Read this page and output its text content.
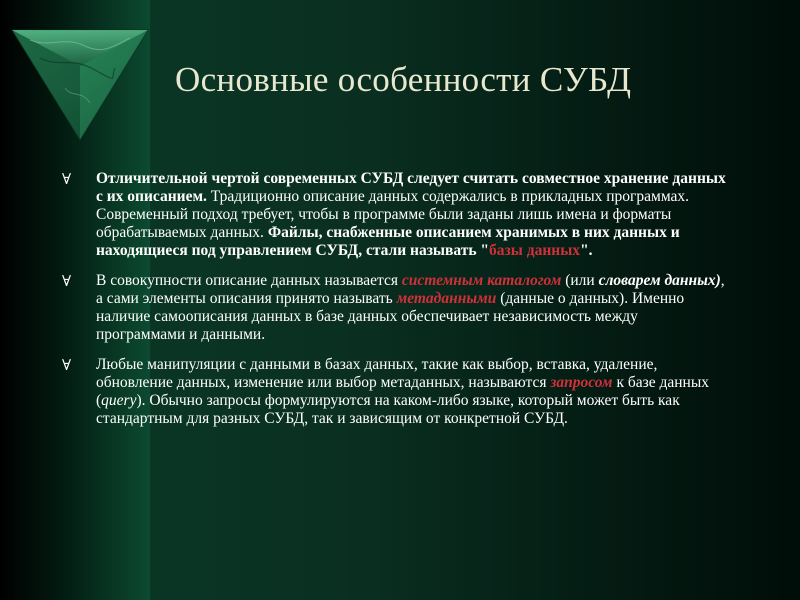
Основные особенности СУБД
∀ Отличительной чертой современных СУБД следует считать совместное хранение данных с их описанием. Традиционно описание данных содержались в прикладных программах. Современный подход требует, чтобы в программе были заданы лишь имена и форматы обрабатываемых данных. Файлы, снабженные описанием хранимых в них данных и находящиеся под управлением СУБД, стали называть "базы данных".
∀ В совокупности описание данных называется системным каталогом (или словарем данных), а сами элементы описания принято называть метаданными (данные о данных). Именно наличие самоописания данных в базе данных обеспечивает независимость между программами и данными.
∀ Любые манипуляции с данными в базах данных, такие как выбор, вставка, удаление, обновление данных, изменение или выбор метаданных, называются запросом к базе данных (query). Обычно запросы формулируются на каком-либо языке, который может быть как стандартным для разных СУБД, так и зависящим от конкретной СУБД.
